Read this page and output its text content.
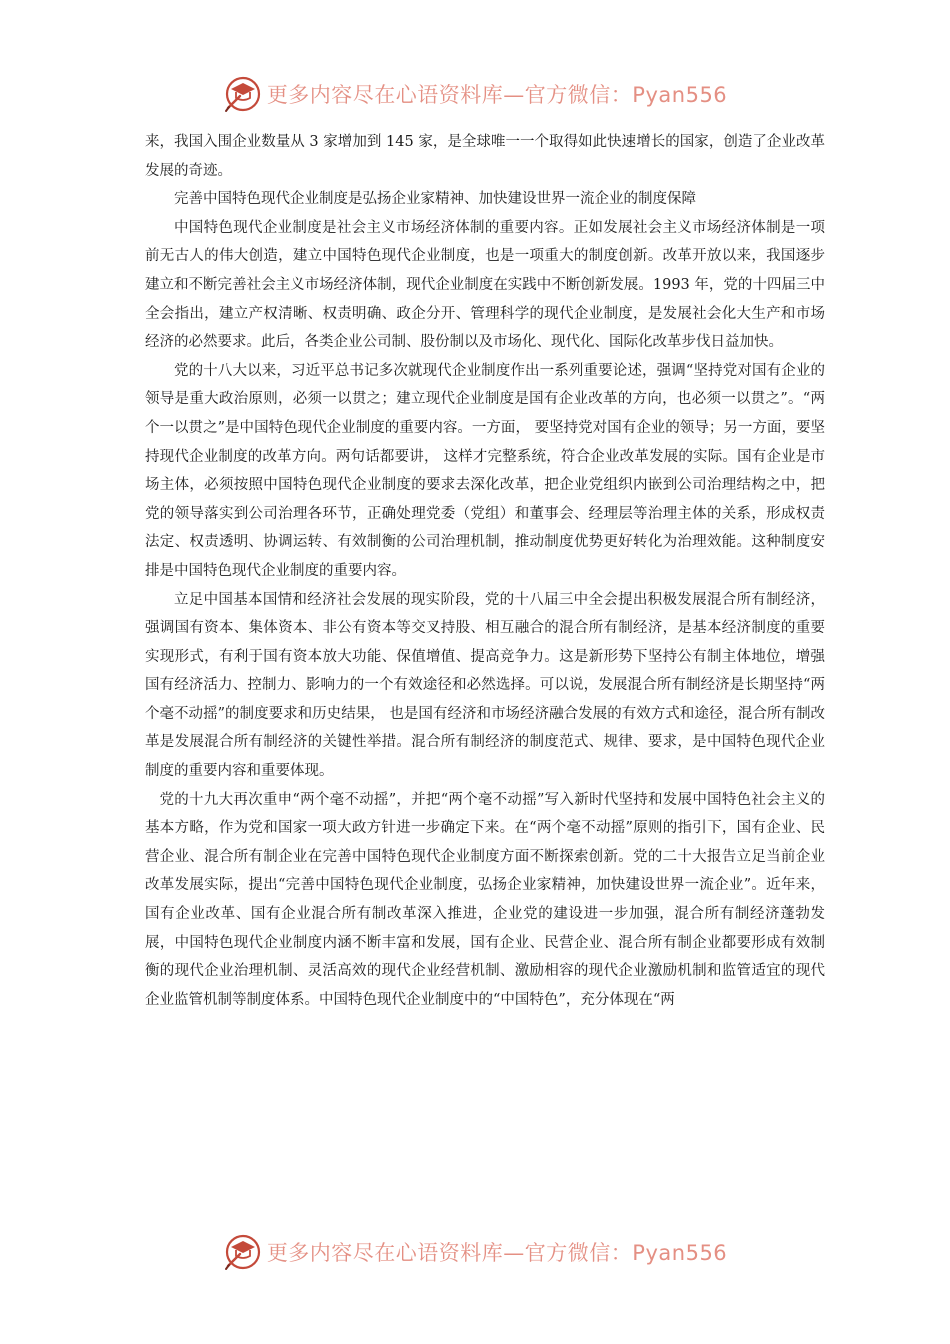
更多内容尽在心语资料库—官方微信：Pyan556

来，我国入围企业数量从 3 家增加到 145 家，是全球唯一一个取得如此快速增长的国家，创造了企业改革发展的奇迹。

完善中国特色现代企业制度是弘扬企业家精神、加快建设世界一流企业的制度保障

中国特色现代企业制度是社会主义市场经济体制的重要内容。正如发展社会主义市场经济体制是一项前无古人的伟大创造，建立中国特色现代企业制度，也是一项重大的制度创新。改革开放以来，我国逐步建立和不断完善社会主义市场经济体制，现代企业制度在实践中不断创新发展。1993 年，党的十四届三中全会指出，建立产权清晰、权责明确、政企分开、管理科学的现代企业制度，是发展社会化大生产和市场经济的必然要求。此后，各类企业公司制、股份制以及市场化、现代化、国际化改革步伐日益加快。

党的十八大以来，习近平总书记多次就现代企业制度作出一系列重要论述，强调“坚持党对国有企业的领导是重大政治原则，必须一以贯之；建立现代企业制度是国有企业改革的方向，也必须一以贯之”。“两个一以贯之”是中国特色现代企业制度的重要内容。一方面， 要坚持党对国有企业的领导；另一方面，要坚持现代企业制度的改革方向。两句话都要讲， 这样才完整系统，符合企业改革发展的实际。国有企业是市场主体，必须按照中国特色现代企业制度的要求去深化改革，把企业党组织内嵌到公司治理结构之中，把党的领导落实到公司治理各环节，正确处理党委（党组）和董事会、经理层等治理主体的关系，形成权责法定、权责透明、协调运转、有效制衡的公司治理机制，推动制度优势更好转化为治理效能。这种制度安排是中国特色现代企业制度的重要内容。

立足中国基本国情和经济社会发展的现实阶段，党的十八届三中全会提出积极发展混合所有制经济，强调国有资本、集体资本、非公有资本等交叉持股、相互融合的混合所有制经济，是基本经济制度的重要实现形式，有利于国有资本放大功能、保值增值、提高竞争力。这是新形势下坚持公有制主体地位，增强国有经济活力、控制力、影响力的一个有效途径和必然选择。可以说，发展混合所有制经济是长期坚持“两个毫不动摇”的制度要求和历史结果， 也是国有经济和市场经济融合发展的有效方式和途径，混合所有制改革是发展混合所有制经济的关键性举措。混合所有制经济的制度范式、规律、要求，是中国特色现代企业制度的重要内容和重要体现。

党的十九大再次重申“两个毫不动摇”，并把“两个毫不动摇”写入新时代坚持和发展中国特色社会主义的基本方略，作为党和国家一项大政方针进一步确定下来。在“两个毫不动摇”原则的指引下，国有企业、民营企业、混合所有制企业在完善中国特色现代企业制度方面不断探索创新。党的二十大报告立足当前企业改革发展实际，提出“完善中国特色现代企业制度，弘扬企业家精神，加快建设世界一流企业”。近年来，国有企业改革、国有企业混合所有制改革深入推进，企业党的建设进一步加强，混合所有制经济蓬勃发展，中国特色现代企业制度内涵不断丰富和发展，国有企业、民营企业、混合所有制企业都要形成有效制衡的现代企业治理机制、灵活高效的现代企业经营机制、激励相容的现代企业激励机制和监管适宜的现代企业监管机制等制度体系。中国特色现代企业制度中的“中国特色”，充分体现在“两

更多内容尽在心语资料库—官方微信：Pyan556
